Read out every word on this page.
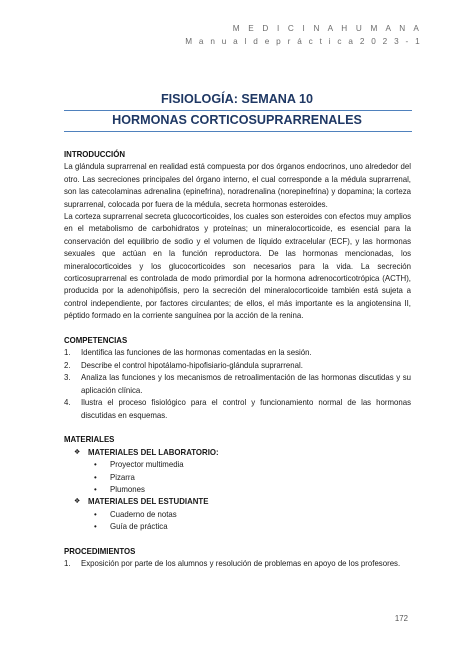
M E D I C I N A H U M A N A
M a n u a l d e p r á c t i c a 2 0 2 3 - 1
FISIOLOGÍA: SEMANA 10
HORMONAS CORTICOSUPRARRENALES
INTRODUCCIÓN

La glándula suprarrenal en realidad está compuesta por dos órganos endocrinos, uno alrededor del otro. Las secreciones principales del órgano interno, el cual corresponde a la médula suprarrenal, son las catecolaminas adrenalina (epinefrina), noradrenalina (norepinefrina) y dopamina; la corteza suprarrenal, colocada por fuera de la médula, secreta hormonas esteroides.

La corteza suprarrenal secreta glucocorticoides, los cuales son esteroides con efectos muy amplios en el metabolismo de carbohidratos y proteínas; un mineralocorticoide, es esencial para la conservación del equilibrio de sodio y el volumen de líquido extracelular (ECF), y las hormonas sexuales que actúan en la función reproductora. De las hormonas mencionadas, los mineralocorticoides y los glucocorticoides son necesarios para la vida. La secreción corticosuprarrenal es controlada de modo primordial por la hormona adrenocorticotrópica (ACTH), producida por la adenohipófisis, pero la secreción del mineralocorticoide también está sujeta a control independiente, por factores circulantes; de ellos, el más importante es la angiotensina II, péptido formado en la corriente sanguínea por la acción de la renina.

COMPETENCIAS
1.	Identifica las funciones de las hormonas comentadas en la sesión.
2.	Describe el control hipotálamo-hipofisiario-glándula suprarrenal.
3.	Analiza las funciones y los mecanismos de retroalimentación de las hormonas discutidas y su aplicación clínica.
4.	Ilustra el proceso fisiológico para el control y funcionamiento normal de las hormonas discutidas en esquemas.
MATERIALES
❖ MATERIALES DEL LABORATORIO:
•	Proyector multimedia
•	Pizarra
•	Plumones
❖ MATERIALES DEL ESTUDIANTE
•	Cuaderno de notas
•	Guía de práctica
PROCEDIMIENTOS
1.	Exposición por parte de los alumnos y resolución de problemas en apoyo de los profesores.
172
